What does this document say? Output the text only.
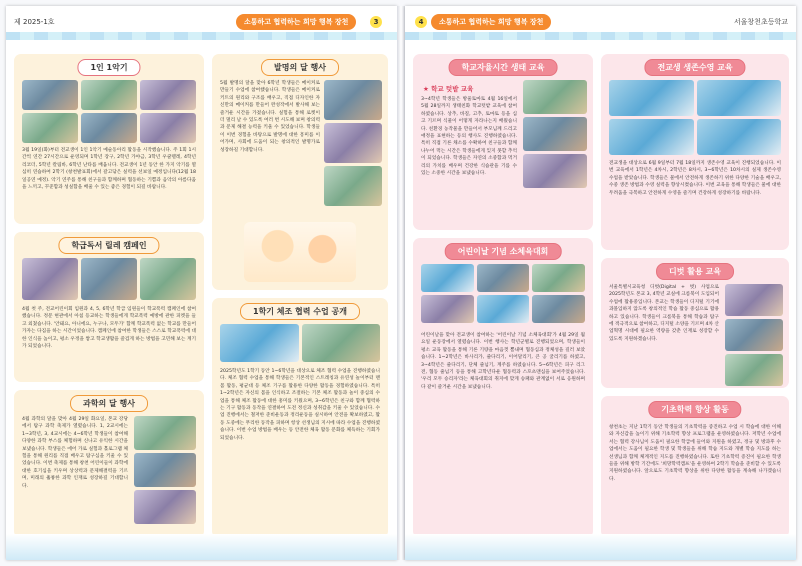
제 2025-1호	소통하고 협력하는 희망 행복 장천	3
1인 1악기
3월 19일(화)부터 전교생이 1인 1악기 예술동아리 활동을 시작했습니다. 주 1회 1시간씩 연간 27시간으로 운영되며 1학년 장구, 2학년 가야금, 3학년 우쿨렐레, 4학년 리코더, 5학년 칼림바, 6학년 난타를 배웁니다. 전교생이 1년 동안 한 가지 악기를 열심히 연습하여 2학기 (창천발표회)에서 갈고닦은 실력을 선보일 예정입니다(12월 18일공연 예정). 악기 연주를 통해 친구들과 함께하며 협동하는 기쁨과 음악의 아름다움을 느끼고, 꾸준함과 성실함을 배울 수 있는 좋은 경험이 되길 바랍니다.
학급독서 릴레 캠페인
4월 첫 주, 전교어린이회 임원과 4, 5, 6학년 학급 임원들이 학교폭력 캠페인에 참여했습니다. 정문 현관에서 아침 등교하는 학생들에게 학교폭력 예방에 관한 피켓을 들고 외쳤습니다. '안돼요, 아니에요, 누구나, 모두가' 함께 학교폭력 없는 학교를 만들어 가자는 다짐을 하는 시간이었습니다. 캠페인에 참여한 학생들은 스스로 학교폭력에 대한 인식을 높이고, 평소 우정을 쌓고 학교생활을 즐겁게 하는 방법을 고민해 보는 계기가 되었습니다.
과학의 달 행사
4월 과학의 달을 맞아 4월 29일 화요일, 본교 강당에서 탐구 과학 축제가 열렸습니다. 1, 2교시에는 1~3학년, 3, 4교시에는 4~6학년 학생들이 참여해 다양한 과학 부스를 체험하며 신나고 유익한 시간을 보냈습니다. 학생들은 에어 가로 실험과 홀로그램 체험을 통해 원리를 직접 배우고 탐구심을 키울 수 있었습니다. 이번 축제를 통해 창천 어린이들이 과학에 대한 호기심을 키우며 상상력과 문제해결력을 기르며, 미래의 훌륭한 과학 인재로 성장하길 기대합니다.
발명의 달 행사
5월 발명의 달을 맞아 6학년 학생들은 메이커로 만들기 수업에 참여했습니다. 학생들은 메이커로 키트의 원리와 구조를 배우고, 직접 디자인한 자신만의 메이커를 만들어 완성작에서 발사해 보는 즐거운 시간을 가졌습니다. 실험을 통해 로켓이 더 멀리 날 수 있도록 여러 번 시도해 보며 창의력과 문제 해결 능력을 키울 수 있었습니다. 학생들이 이번 경험을 바탕으로 발명에 대한 흥미를 이어가며, 사회에 도움이 되는 창의적인 발명가로 성장하길 기대합니다.
1학기 체조 협력 수업 공개
2025학년도 1학기 동안 1~6학년을 대상으로 체조 협력 수업을 진행하였습니다. 체조 협력 수업을 통해 학생들은 기본적인 스트레칭과 유연성 놀이부터 맨몸 활동, 평균대 등 체조 기구를 활용한 다양한 활동을 경험하였습니다. 특히 1~2학년은 자신의 몸을 인식하고 조절하는 기본 체조 활동과 놀이 중심의 수업을 통해 체조 활동에 대한 흥미를 키웠으며, 3~6학년은 친구와 함께 협력하는 기구 활동과 동작을 연결하여 도전 정신과 성취감을 키울 수 있었습니다. 수업 진행에서는 철저한 준비운동과 정리운동을 실시하여 안전을 확보하였고, 활동 도중에는 무리한 동작을 피하며 항상 선생님의 지시에 따라 수업을 진행하였습니다. 이번 수업 방법을 배우는 등 안전한 체육 활동 문화를 체득하는 기회가 되었습니다.
4	소통하고 협력하는 희망 행복 장천	서울창천초등학교
학교자율시간 생태 교육
★ 학교 텃밭 교육
3~4학년 학생들은 방울토마토 4월 16일에서 5월 28일까지 생태친화 학교텃밭 교육에 참여하였습니다. 상추, 바질, 고추, 토마토 등을 심고 기르며 식물이 어떻게 자라나는지 배웠습니다. 친환경 농작물을 만들어서 부모님께 드리고 애정을 표현하는 등의 행사도 진행하였습니다. 특히 직접 기른 채소를 수확하여 친구들과 함께 나누어 먹는 시간은 학생들에게 잊지 못할 추억이 되었습니다. 학생들은 자연의 소중함과 먹거리의 가치를 배우며 건강한 식습관을 기를 수 있는 소중한 시간을 보냈습니다.
어린이날 기념 소체육대회
어린이날을 맞아 전교생이 참여하는 '어린이날 기념 소체육대회'가 4월 29일 월요일 운동장에서 열렸습니다. 이번 행사는 학년군별로 진행되었으며, 학생들이 평소 교육 활동을 통해 기른 기량을 마음껏 뽐내며 협동심과 정체성을 길러 보았습니다. 1~2학년은 바사리가, 줄다리기, 이어달리기, 큰 공 굴리기를 하였고, 3~4학년은 줄다리기, 단체 줄넘기, 계주를 하였습니다. 5~6학년은 피구 리그전, 협동 줄넘기 등을 통해 고학년다운 협동력과 스포츠맨십을 보여주었습니다. '우리 모두 승리자'라는 체육대회의 취지에 맞게 승패와 관계없이 서로 응원하며 다 같이 즐거운 시간을 보냈습니다.
전교생 생존수영 교육
전교생을 대상으로 6월 9일부터 7월 18일까지 생존수영 교육이 진행되었습니다. 이번 교육에서 1학년은 4차시, 2학년은 8차시, 3~6학년은 10차시의 실제 생존수영 수업을 받았습니다. 학생들은 물에서 안전하게 생존하기 위한 다양한 기술을 배우고, 수중 생존 방법과 수영 실력을 향상시켰습니다. 이번 교육을 통해 학생들은 물에 대한 두려움을 극복하고 안전하게 수영을 즐기며 건강하게 성장하기를 바랍니다.
디벗 활용 교육
서울특별시교육청 디벗(Digital + 벗) 사업으로 2025학년도 본교 3, 4학년 교실에 크롬북이 도입되어 수업에 활용중입니다. 본교는 학생들이 디지털 기기에 과몰입하지 않도록 창의적인 학습 활동 중심으로 활용하고 있습니다. 학생들이 크롬북을 통해 학습과 탐구에 적극적으로 참여하고, 디지털 소양을 기르며 4차 산업혁명 시대에 필요한 역량을 갖춘 인재로 성장할 수 있도록 지원하겠습니다.
기초학력 향상 활동
창천초는 지난 1학기 동안 학생들의 기초학력을 증진하고 수업 시 학습에 대한 이해와 자신감을 높이기 위해 기초학력 향상 프로그램을 운영하였습니다. 저학년 수업에서는 협력 강사님이 도움이 필요한 학급에 들어와 지원을 하였고, 정규 및 방과후 수업에서는 도움이 필요한 학생 및 학생들을 위해 학습 지도와 개별 학습 지도를 하는 선생님과 함께 체계적인 지도를 진행하였습니다. 또한 기초학력 증진이 필요한 학생들을 위해 방학 기간에도 '희망학력캠프'을 운영하여 2학기 학습을 준비할 수 있도록 지원하였습니다. 앞으로도 기초학력 향상을 위한 다양한 활동을 계속해 나가겠습니다.
